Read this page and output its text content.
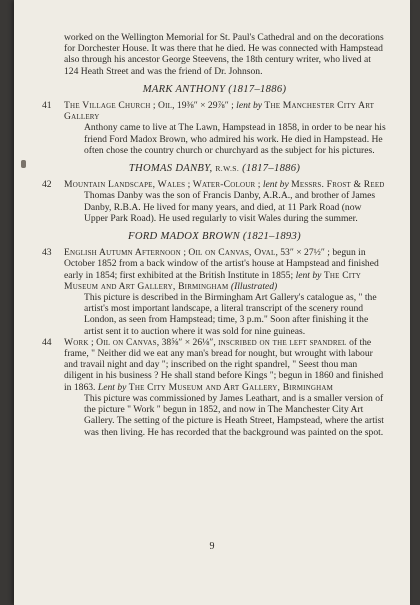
worked on the Wellington Memorial for St. Paul's Cathedral and on the decorations for Dorchester House. It was there that he died. He was connected with Hampstead also through his ancestor George Steevens, the 18th century writer, who lived at 124 Heath Street and was the friend of Dr. Johnson.

MARK ANTHONY (1817–1886)
41 The Village Church ; Oil, 19⅜″ × 29⅞″ ; lent by The Manchester City Art Gallery
Anthony came to live at The Lawn, Hampstead in 1858, in order to be near his friend Ford Madox Brown, who admired his work. He died in Hampstead. He often chose the country church or churchyard as the subject for his pictures.
THOMAS DANBY, R.W.S. (1817–1886)
42 Mountain Landscape, Wales ; Water-Colour ; lent by Messrs. Frost & Reed
Thomas Danby was the son of Francis Danby, A.R.A., and brother of James Danby, R.B.A. He lived for many years, and died, at 11 Park Road (now Upper Park Road). He used regularly to visit Wales during the summer.
FORD MADOX BROWN (1821–1893)
43 English Autumn Afternoon ; Oil on Canvas, Oval, 53″ × 27½″ ; begun in October 1852 from a back window of the artist's house at Hampstead and finished early in 1854; first exhibited at the British Institute in 1855; lent by The City Museum and Art Gallery, Birmingham (Illustrated)
This picture is described in the Birmingham Art Gallery's catalogue as, " the artist's most important landscape, a literal transcript of the scenery round London, as seen from Hampstead; time, 3 p.m." Soon after finishing it the artist sent it to auction where it was sold for nine guineas.
44 Work ; Oil on Canvas, 38⅝″ × 26⅛″, inscribed on the left spandrel of the frame, " Neither did we eat any man's bread for nought, but wrought with labour and travail night and day "; inscribed on the right spandrel, " Seest thou man diligent in his business ? He shall stand before Kings "; begun in 1860 and finished in 1863. Lent by The City Museum and Art Gallery, Birmingham
This picture was commissioned by James Leathart, and is a smaller version of the picture " Work " begun in 1852, and now in The Manchester City Art Gallery. The setting of the picture is Heath Street, Hampstead, where the artist was then living. He has recorded that the background was painted on the spot.
9
